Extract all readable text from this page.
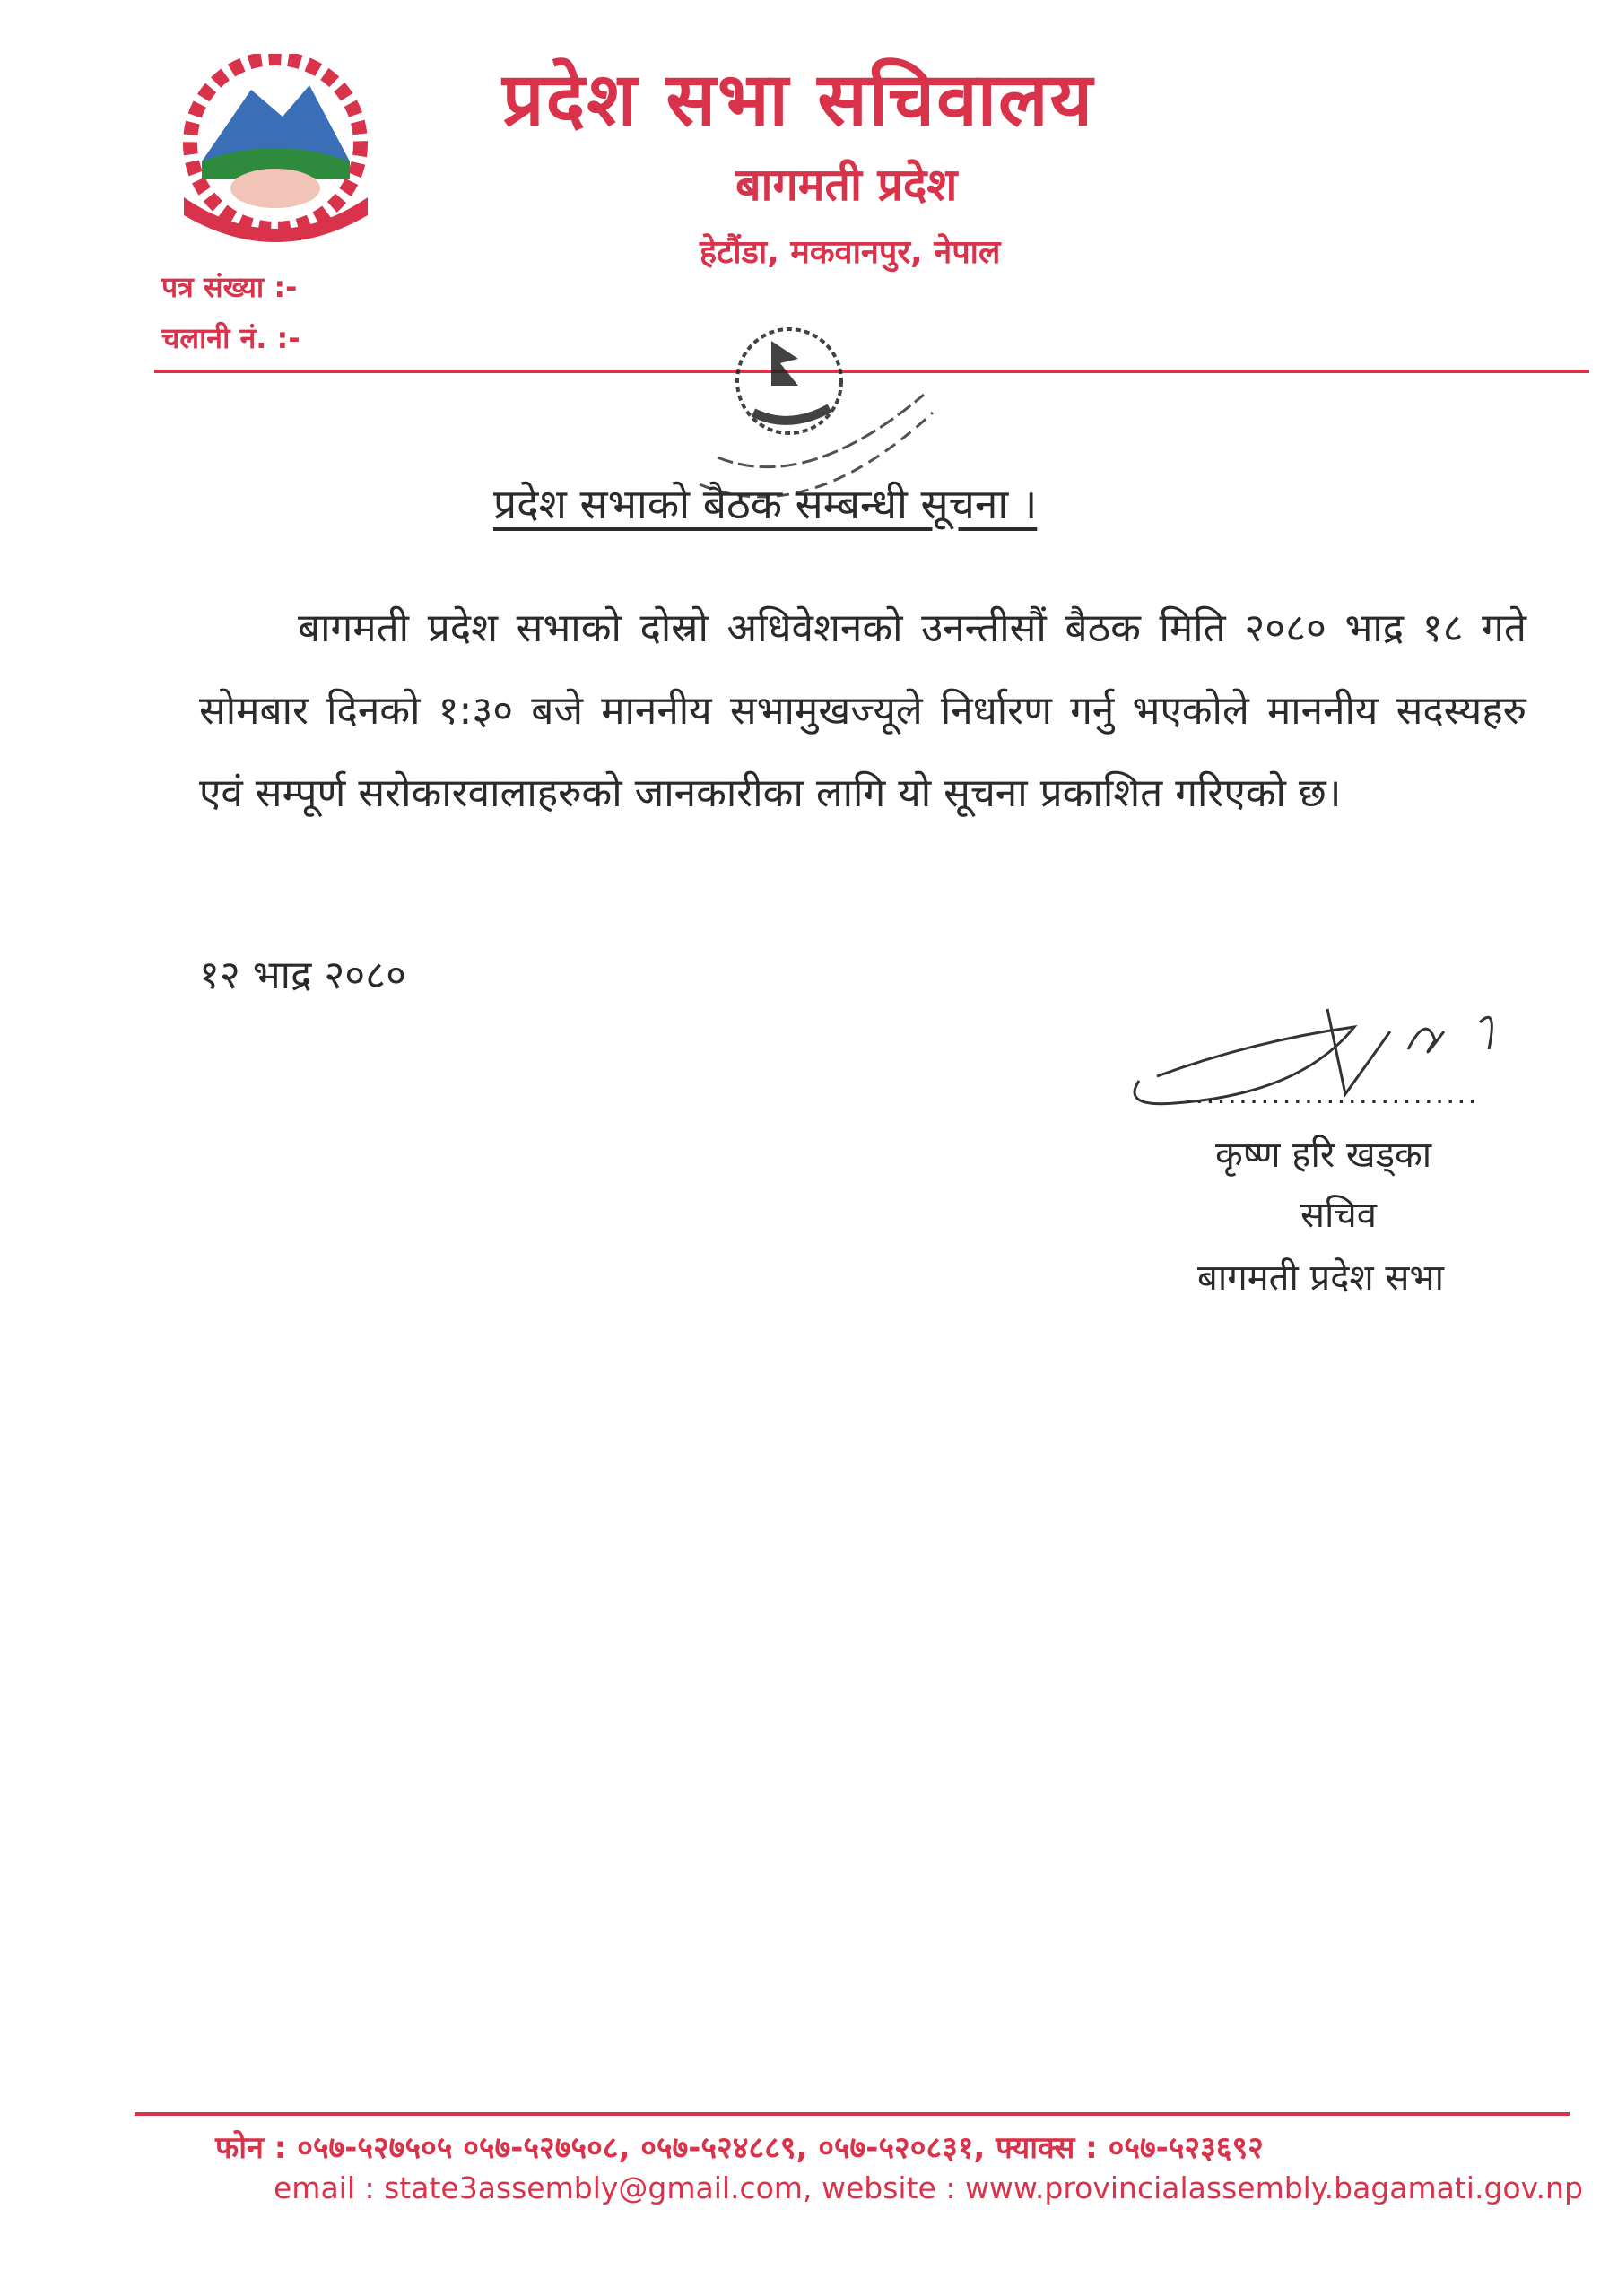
प्रदेश सभा सचिवालय
बागमती प्रदेश
हेटौंडा, मकवानपुर, नेपाल
पत्र संख्या :-
चलानी नं. :-
प्रदेश सभाको बैठक सम्बन्धी सूचना ।

बागमती प्रदेश सभाको दोस्रो अधिवेशनको उनन्तीसौं बैठक मिति २०८० भाद्र १८ गते सोमबार दिनको १:३० बजे माननीय सभामुखज्यूले निर्धारण गर्नु भएकोले माननीय सदस्यहरु एवं सम्पूर्ण सरोकारवालाहरुको जानकारीका लागि यो सूचना प्रकाशित गरिएको छ।

१२ भाद्र २०८०
...........................
कृष्ण हरि खड्का
सचिव
बागमती प्रदेश सभा
फोन : ०५७-५२७५०५ ०५७-५२७५०८, ०५७-५२४८८९, ०५७-५२०८३१, फ्याक्स : ०५७-५२३६९२
email : state3assembly@gmail.com, website : www.provincialassembly.bagamati.gov.np
